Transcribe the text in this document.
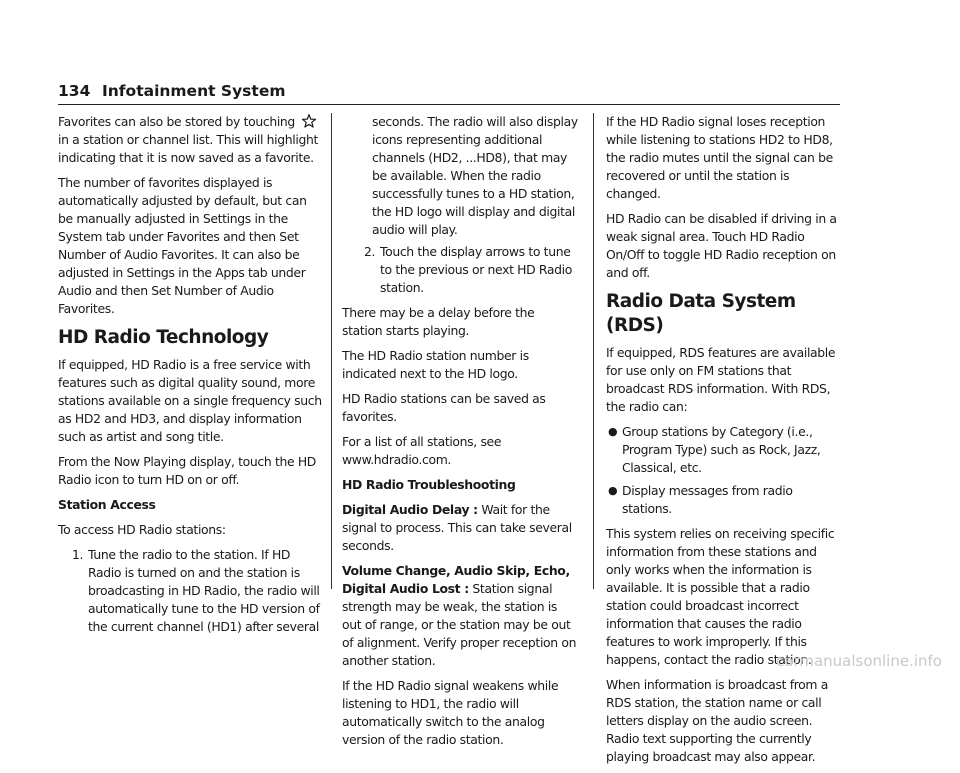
134 Infotainment System

Favorites can also be stored by touching  in a station or channel list. This will highlight indicating that it is now saved as a favorite.

The number of favorites displayed is automatically adjusted by default, but can be manually adjusted in Settings in the System tab under Favorites and then Set Number of Audio Favorites. It can also be adjusted in Settings in the Apps tab under Audio and then Set Number of Audio Favorites.

HD Radio Technology

If equipped, HD Radio is a free service with features such as digital quality sound, more stations available on a single frequency such as HD2 and HD3, and display information such as artist and song title.

From the Now Playing display, touch the HD Radio icon to turn HD on or off.

Station Access

To access HD Radio stations:

1. Tune the radio to the station. If HD Radio is turned on and the station is broadcasting in HD Radio, the radio will automatically tune to the HD version of the current channel (HD1) after several
seconds. The radio will also display icons representing additional channels (HD2, ...HD8), that may be available. When the radio successfully tunes to a HD station, the HD logo will display and digital audio will play.
2. Touch the display arrows to tune to the previous or next HD Radio station.

There may be a delay before the station starts playing.

The HD Radio station number is indicated next to the HD logo.

HD Radio stations can be saved as favorites.

For a list of all stations, see www.hdradio.com.

HD Radio Troubleshooting

Digital Audio Delay : Wait for the signal to process. This can take several seconds.

Volume Change, Audio Skip, Echo, Digital Audio Lost : Station signal strength may be weak, the station is out of range, or the station may be out of alignment. Verify proper reception on another station.

If the HD Radio signal weakens while listening to HD1, the radio will automatically switch to the analog version of the radio station.

If the HD Radio signal loses reception while listening to stations HD2 to HD8, the radio mutes until the signal can be recovered or until the station is changed.

HD Radio can be disabled if driving in a weak signal area. Touch HD Radio On/Off to toggle HD Radio reception on and off.

Radio Data System (RDS)

If equipped, RDS features are available for use only on FM stations that broadcast RDS information. With RDS, the radio can:

● Group stations by Category (i.e., Program Type) such as Rock, Jazz, Classical, etc.
● Display messages from radio stations.

This system relies on receiving specific information from these stations and only works when the information is available. It is possible that a radio station could broadcast incorrect information that causes the radio features to work improperly. If this happens, contact the radio station.

When information is broadcast from a RDS station, the station name or call letters display on the audio screen. Radio text supporting the currently playing broadcast may also appear.

carmanualsonline.info
